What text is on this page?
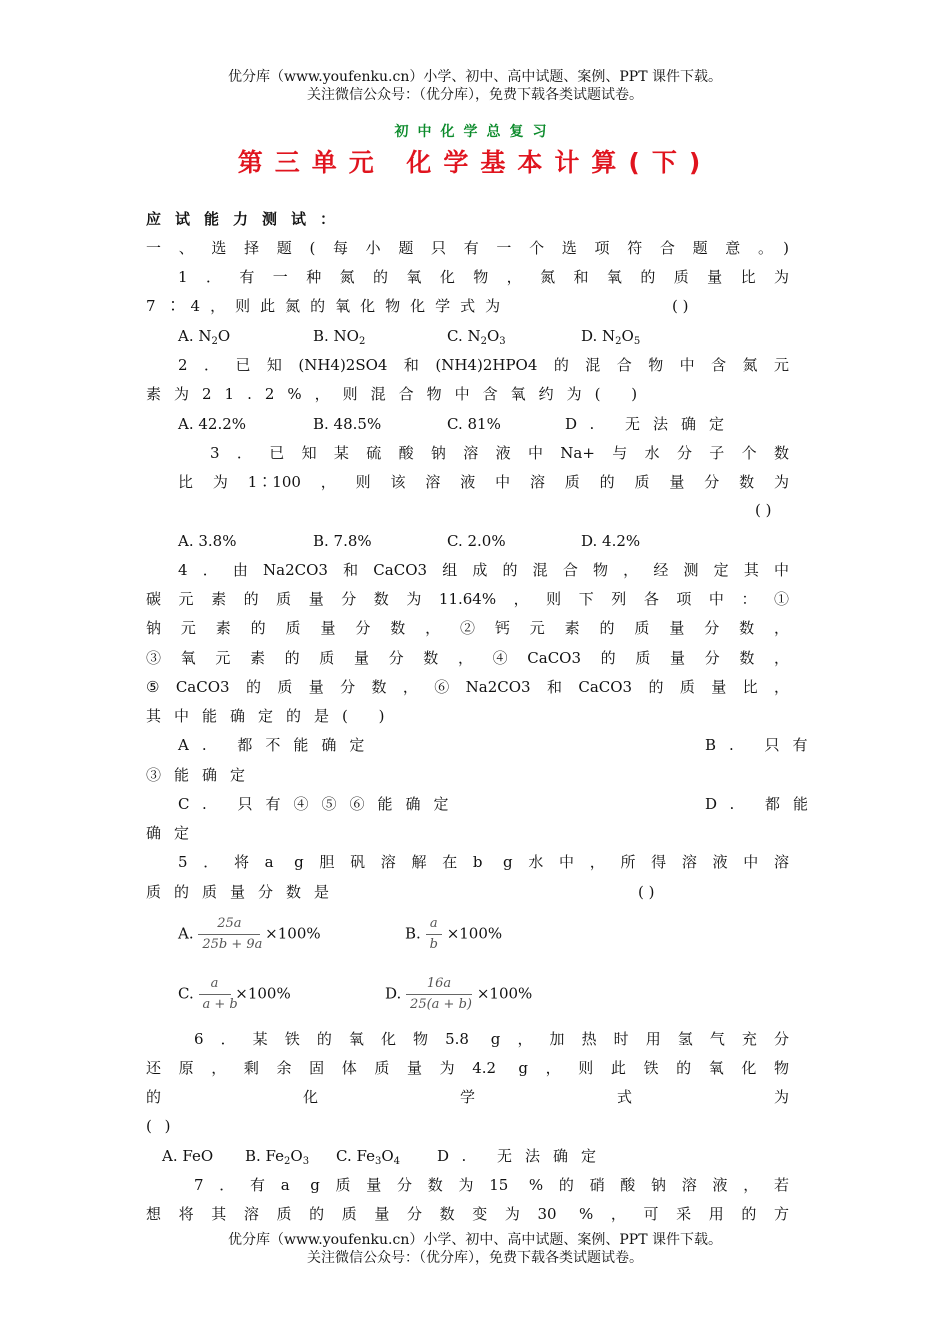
优分库（www.youfenku.cn）小学、初中、高中试题、案例、PPT 课件下载。
关注微信公众号：（优分库），免费下载各类试题试卷。
初中化学总复习
第三单元 化学基本计算(下)
应试能力测试：
一、选择题(每小题只有一个选项符合题意。)
1．有一种氮的氧化物，氮和氧的质量比为
7∶4，则此氮的氧化物化学式为	( )
A. $N_2O$	B. $NO_2$	C. $N_2O_3$	D. $N_2O_5$
2．已知(NH4)2SO4和(NH4)2HPO4的混合物中含氮元
素为21.2%，则混合物中含氧约为( )
A. 42.2%	B. 48.5%	C. 81%	D. 无法确定
3．已知某硫酸钠溶液中Na+与水分子个数
比为1∶100，则该溶液中溶质的质量分数为
( )
A. 3.8%	B. 7.8%	C. 2.0%	D. 4.2%
4．由Na2CO3和CaCO3组成的混合物，经测定其中
碳元素的质量分数为11.64%，则下列各项中：①
钠元素的质量分数，②钙元素的质量分数，
③氧元素的质量分数，④CaCO3的质量分数，
⑤CaCO3的质量分数，⑥Na2CO3和CaCO3的质量比，
其中能确定的是( )
A. 都不能确定	B. 只有
③能确定
C. 只有④⑤⑥能确定	D. 都能
确定
5．将a g胆矾溶解在b g水中，所得溶液中溶
质的质量分数是	( )
A. $\frac{25a}{25b + 9a} \times 100\%$	B. $\frac{a}{b} \times 100\%$
C. $\frac{a}{a + b} \times 100\%$	D. $\frac{16a}{25(a + b)} \times 100\%$
6．某铁的氧化物5.8 g，加热时用氢气充分
还原，剩余固体质量为4.2 g，则此铁的氧化物
的化学式为
( )
A. FeO B. $Fe_2O_3$ C. $Fe_3O_4$ D. 无法确定
7．有a g质量分数为15 %的硝酸钠溶液，若
想将其溶质的质量分数变为30 %，可采用的方
优分库（www.youfenku.cn）小学、初中、高中试题、案例、PPT 课件下载。
关注微信公众号：（优分库），免费下载各类试题试卷。
